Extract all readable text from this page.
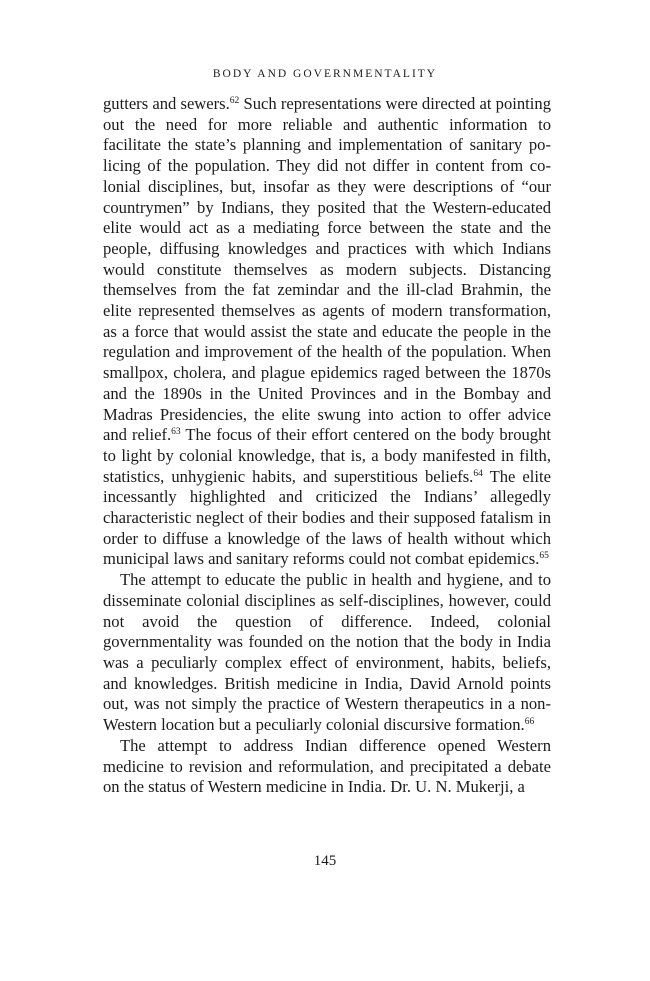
BODY AND GOVERNMENTALITY

gutters and sewers.$^{62}$ Such representations were directed at pointing out the need for more reliable and authentic information to facilitate the state’s planning and implementation of sanitary policing of the population. They did not differ in content from colonial disciplines, but, insofar as they were descriptions of “our countrymen” by Indians, they posited that the Western-educated elite would act as a mediating force between the state and the people, diffusing knowledges and practices with which Indians would constitute themselves as modern subjects. Distancing themselves from the fat zemindar and the ill-clad Brahmin, the elite represented themselves as agents of modern transformation, as a force that would assist the state and educate the people in the regulation and improvement of the health of the population. When smallpox, cholera, and plague epidemics raged between the 1870s and the 1890s in the United Provinces and in the Bombay and Madras Presidencies, the elite swung into action to offer advice and relief.$^{63}$ The focus of their effort centered on the body brought to light by colonial knowledge, that is, a body manifested in filth, statistics, unhygienic habits, and superstitious beliefs.$^{64}$ The elite incessantly highlighted and criticized the Indians’ allegedly characteristic neglect of their bodies and their supposed fatalism in order to diffuse a knowledge of the laws of health without which municipal laws and sanitary reforms could not combat epidemics.$^{65}$

The attempt to educate the public in health and hygiene, and to disseminate colonial disciplines as self-disciplines, however, could not avoid the question of difference. Indeed, colonial governmentality was founded on the notion that the body in India was a peculiarly complex effect of environment, habits, beliefs, and knowledges. British medicine in India, David Arnold points out, was not simply the practice of Western therapeutics in a non-Western location but a peculiarly colonial discursive formation.$^{66}$

The attempt to address Indian difference opened Western medicine to revision and reformulation, and precipitated a debate on the status of Western medicine in India. Dr. U. N. Mukerji, a

145
